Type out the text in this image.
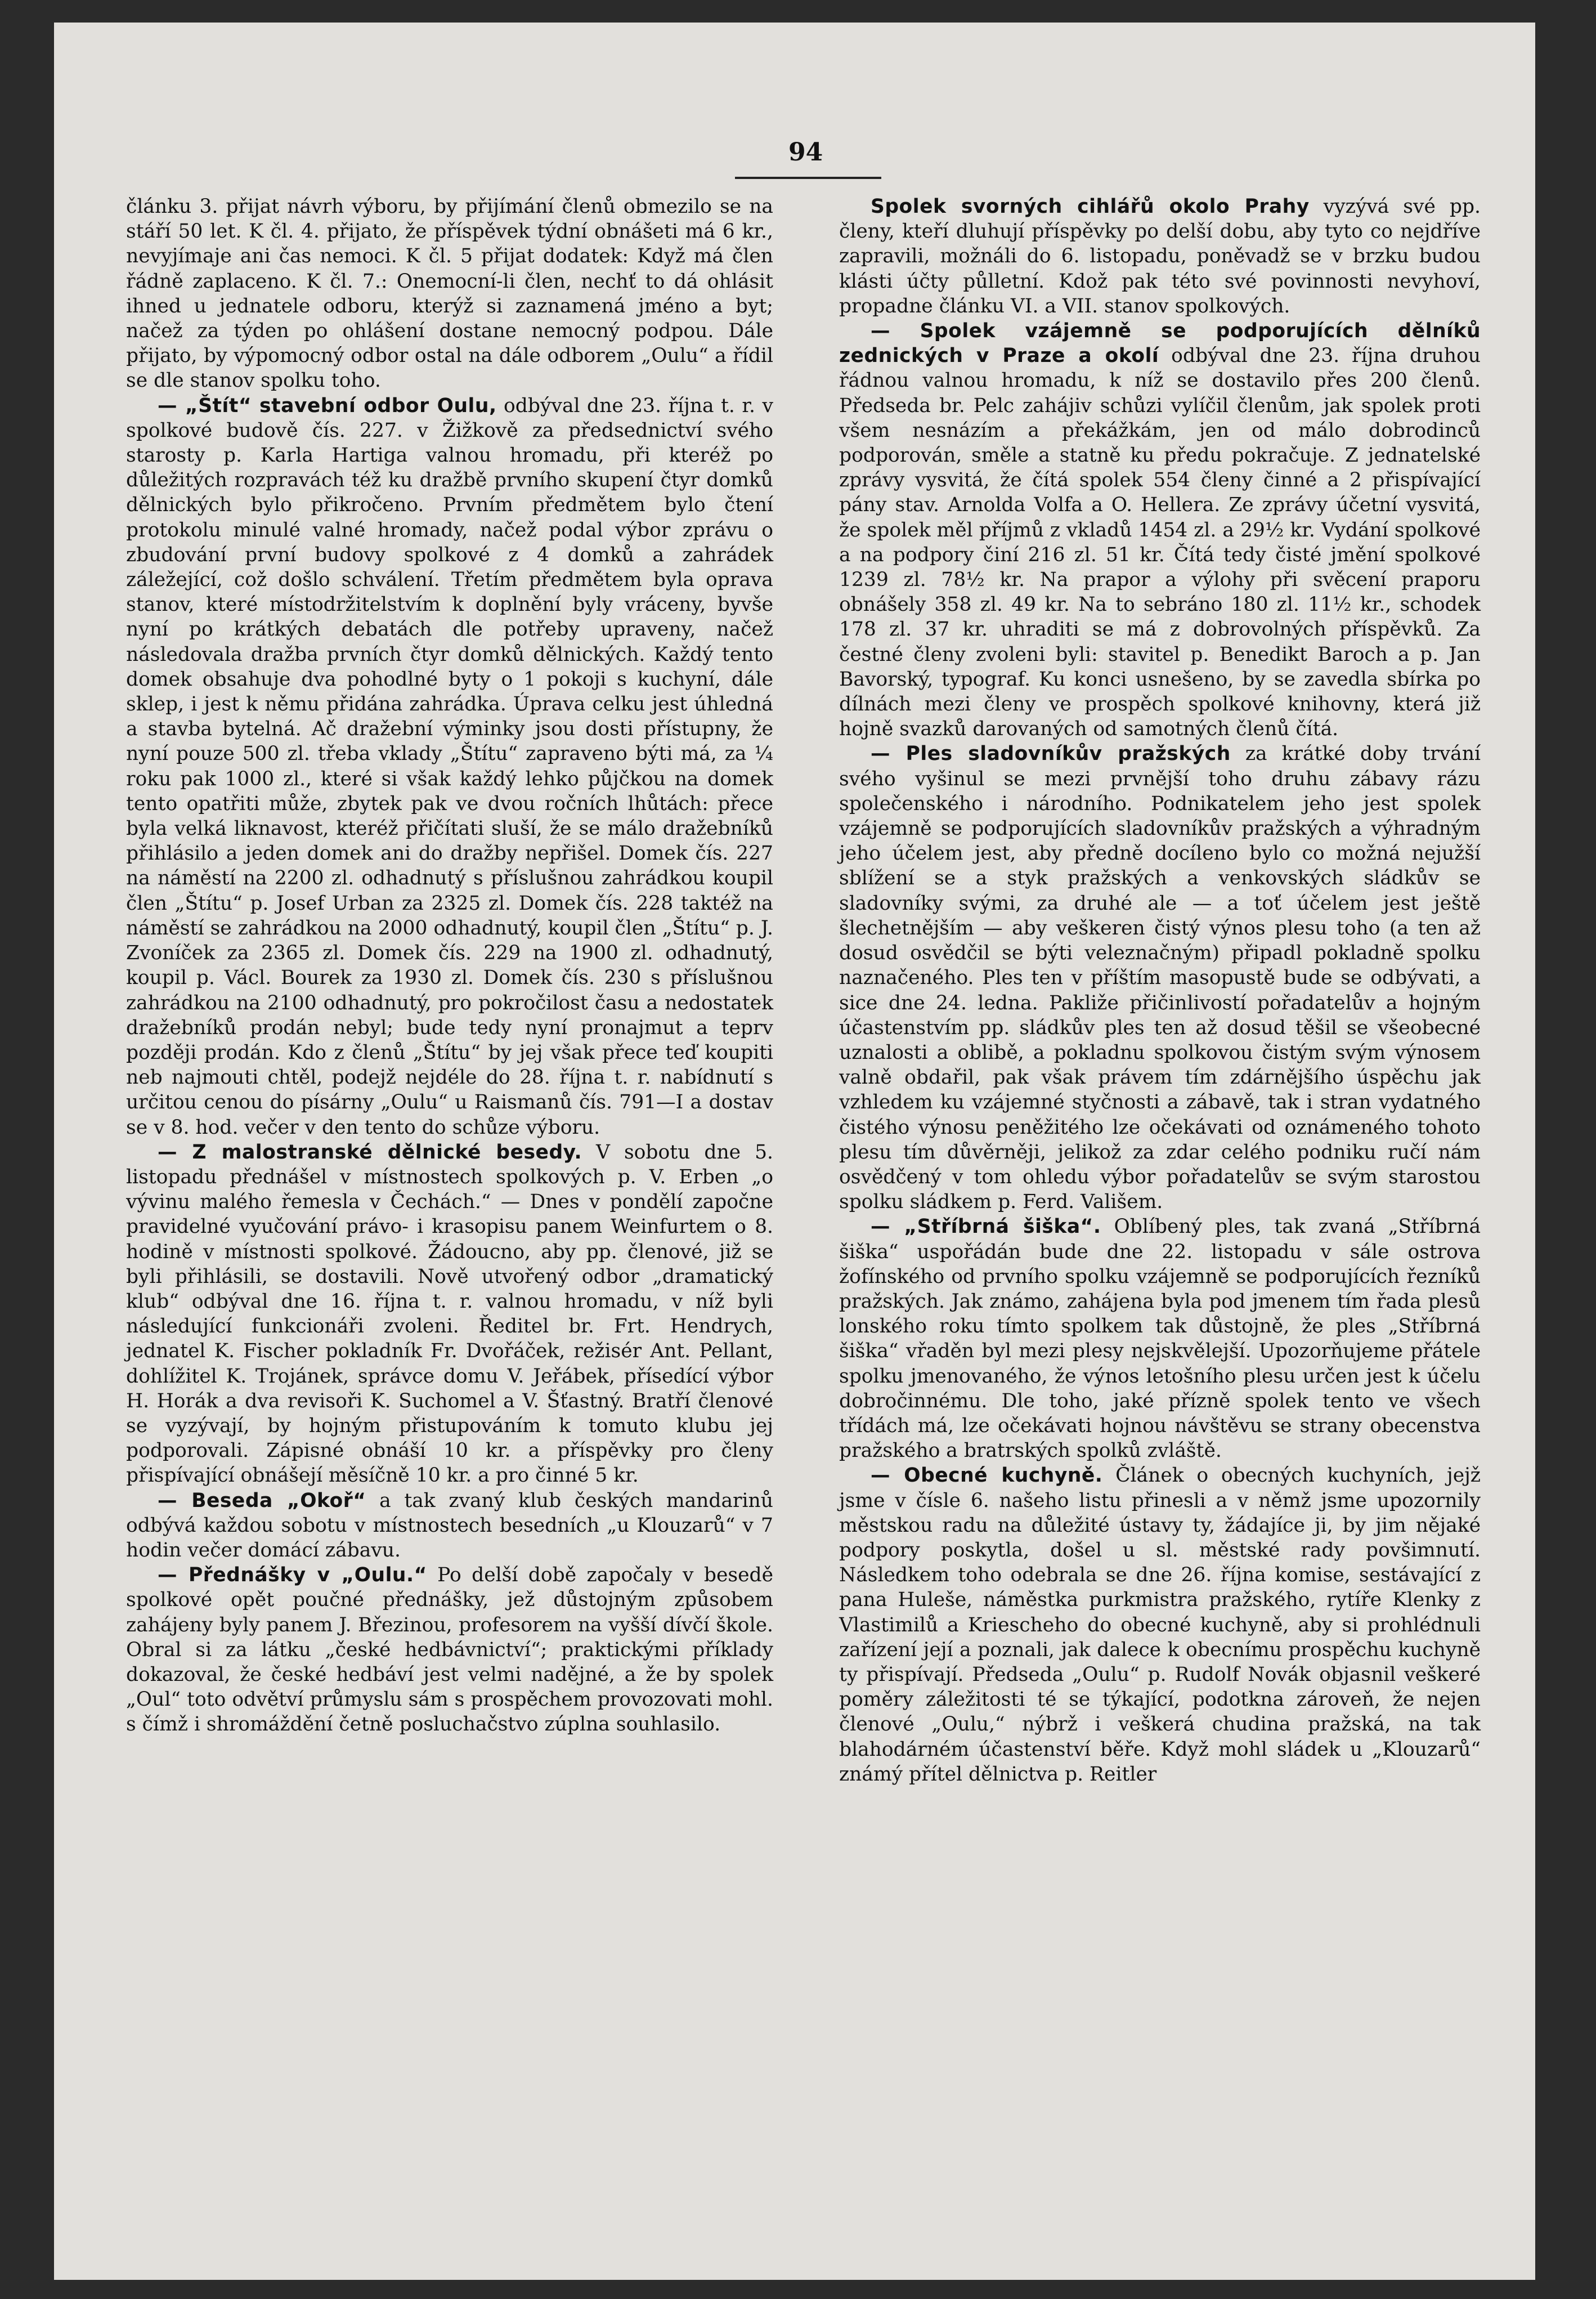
94

článku 3. přijat návrh výboru, by přijímání členů obmezilo se na stáří 50 let. K čl. 4. přijato, že příspěvek týdní obnášeti má 6 kr., nevyjímaje ani čas nemoci. K čl. 5 přijat dodatek: Když má člen řádně zaplaceno. K čl. 7.: Onemocní-li člen, nechť to dá ohlásit ihned u jednatele odboru, kterýž si zaznamená jméno a byt; načež za týden po ohlášení dostane nemocný podpou. Dále přijato, by výpomocný odbor ostal na dále odborem „Oulu“ a řídil se dle stanov spolku toho.

— „Štít“ stavební odbor Oulu, odbýval dne 23. října t. r. v spolkové budově čís. 227. v Žižkově za předsednictví svého starosty p. Karla Hartiga valnou hromadu, při kteréž po důležitých rozpravách též ku dražbě prvního skupení čtyr domků dělnických bylo přikročeno. Prvním předmětem bylo čtení protokolu minulé valné hromady, načež podal výbor zprávu o zbudování první budovy spolkové z 4 domků a zahrádek záležející, což došlo schválení. Třetím předmětem byla oprava stanov, které místodržitelstvím k doplnění byly vráceny, byvše nyní po krátkých debatách dle potřeby upraveny, načež následovala dražba prvních čtyr domků dělnických. Každý tento domek obsahuje dva pohodlné byty o 1 pokoji s kuchyní, dále sklep, i jest k němu přidána zahrádka. Úprava celku jest úhledná a stavba bytelná. Ač dražební výminky jsou dosti přístupny, že nyní pouze 500 zl. třeba vklady „Štítu“ zapraveno býti má, za ¼ roku pak 1000 zl., které si však každý lehko půjčkou na domek tento opatřiti může, zbytek pak ve dvou ročních lhůtách: přece byla velká liknavost, kteréž přičítati sluší, že se málo dražebníků přihlásilo a jeden domek ani do dražby nepřišel. Domek čís. 227 na náměstí na 2200 zl. odhadnutý s příslušnou zahrádkou koupil člen „Štítu“ p. Josef Urban za 2325 zl. Domek čís. 228 taktéž na náměstí se zahrádkou na 2000 odhadnutý, koupil člen „Štítu“ p. J. Zvoníček za 2365 zl. Domek čís. 229 na 1900 zl. odhadnutý, koupil p. Václ. Bourek za 1930 zl. Domek čís. 230 s příslušnou zahrádkou na 2100 odhadnutý, pro pokročilost času a nedostatek dražebníků prodán nebyl; bude tedy nyní pronajmut a teprv později prodán. Kdo z členů „Štítu“ by jej však přece teď koupiti neb najmouti chtěl, podejž nejdéle do 28. října t. r. nabídnutí s určitou cenou do písárny „Oulu“ u Raismanů čís. 791—I a dostav se v 8. hod. večer v den tento do schůze výboru.

— Z malostranské dělnické besedy. V sobotu dne 5. listopadu přednášel v místnostech spolkových p. V. Erben „o vývinu malého řemesla v Čechách.“ — Dnes v pondělí započne pravidelné vyučování právo- i krasopisu panem Weinfurtem o 8. hodině v místnosti spolkové. Žádoucno, aby pp. členové, již se byli přihlásili, se dostavili. Nově utvořený odbor „dramatický klub“ odbýval dne 16. října t. r. valnou hromadu, v níž byli následující funkcionáři zvoleni. Ředitel br. Frt. Hendrych, jednatel K. Fischer pokladník Fr. Dvořáček, režisér Ant. Pellant, dohlížitel K. Trojánek, správce domu V. Jeřábek, přísedící výbor H. Horák a dva revisoři K. Suchomel a V. Šťastný. Bratří členové se vyzývají, by hojným přistupováním k tomuto klubu jej podporovali. Zápisné obnáší 10 kr. a příspěvky pro členy přispívající obnášejí měsíčně 10 kr. a pro činné 5 kr.

— Beseda „Okoř“ a tak zvaný klub českých mandarinů odbývá každou sobotu v místnostech besedních „u Klouzarů“ v 7 hodin večer domácí zábavu.

— Přednášky v „Oulu.“ Po delší době započaly v besedě spolkové opět poučné přednášky, jež důstojným způsobem zahájeny byly panem J. Březinou, profesorem na vyšší dívčí škole. Obral si za látku „české hedbávnictví“; praktickými příklady dokazoval, že české hedbáví jest velmi nadějné, a že by spolek „Oul“ toto odvětví průmyslu sám s prospěchem provozovati mohl. s čímž i shromáždění četně posluchačstvo zúplna souhlasilo.

Spolek svorných cihlářů okolo Prahy vyzývá své pp. členy, kteří dluhují příspěvky po delší dobu, aby tyto co nejdříve zapravili, možnáli do 6. listopadu, poněvadž se v brzku budou klásti účty půlletní. Kdož pak této své povinnosti nevyhoví, propadne článku VI. a VII. stanov spolkových.

— Spolek vzájemně se podporujících dělníků zednických v Praze a okolí odbýval dne 23. října druhou řádnou valnou hromadu, k níž se dostavilo přes 200 členů. Předseda br. Pelc zahájiv schůzi vylíčil členům, jak spolek proti všem nesnázím a překážkám, jen od málo dobrodinců podporován, směle a statně ku předu pokračuje. Z jednatelské zprávy vysvitá, že čítá spolek 554 členy činné a 2 přispívající pány stav. Arnolda Volfa a O. Hellera. Ze zprávy účetní vysvitá, že spolek měl příjmů z vkladů 1454 zl. a 29½ kr. Vydání spolkové a na podpory činí 216 zl. 51 kr. Čítá tedy čisté jmění spolkové 1239 zl. 78½ kr. Na prapor a výlohy při svěcení praporu obnášely 358 zl. 49 kr. Na to sebráno 180 zl. 11½ kr., schodek 178 zl. 37 kr. uhraditi se má z dobrovolných příspěvků. Za čestné členy zvoleni byli: stavitel p. Benedikt Baroch a p. Jan Bavorský, typograf. Ku konci usnešeno, by se zavedla sbírka po dílnách mezi členy ve prospěch spolkové knihovny, která již hojně svazků darovaných od samotných členů čítá.

— Ples sladovníkův pražských za krátké doby trvání svého vyšinul se mezi prvnější toho druhu zábavy rázu společenského i národního. Podnikatelem jeho jest spolek vzájemně se podporujících sladovníkův pražských a výhradným jeho účelem jest, aby předně docíleno bylo co možná nejužší sblížení se a styk pražských a venkovských sládkův se sladovníky svými, za druhé ale — a toť účelem jest ještě šlechetnějším — aby veškeren čistý výnos plesu toho (a ten až dosud osvědčil se býti veleznačným) připadl pokladně spolku naznačeného. Ples ten v příštím masopustě bude se odbývati, a sice dne 24. ledna. Pakliže přičinlivostí pořadatelův a hojným účastenstvím pp. sládkův ples ten až dosud těšil se všeobecné uznalosti a oblibě, a pokladnu spolkovou čistým svým výnosem valně obdařil, pak však právem tím zdárnějšího úspěchu jak vzhledem ku vzájemné styčnosti a zábavě, tak i stran vydatného čistého výnosu peněžitého lze očekávati od oznámeného tohoto plesu tím důvěrněji, jelikož za zdar celého podniku ručí nám osvědčený v tom ohledu výbor pořadatelův se svým starostou spolku sládkem p. Ferd. Vališem.

— „Stříbrná šiška“. Oblíbený ples, tak zvaná „Stříbrná šiška“ uspořádán bude dne 22. listopadu v sále ostrova žofínského od prvního spolku vzájemně se podporujících řezníků pražských. Jak známo, zahájena byla pod jmenem tím řada plesů lonského roku tímto spolkem tak důstojně, že ples „Stříbrná šiška“ vřaděn byl mezi plesy nejskvělejší. Upozorňujeme přátele spolku jmenovaného, že výnos letošního plesu určen jest k účelu dobročinnému. Dle toho, jaké přízně spolek tento ve všech třídách má, lze očekávati hojnou návštěvu se strany obecenstva pražského a bratrských spolků zvláště.

— Obecné kuchyně. Článek o obecných kuchyních, jejž jsme v čísle 6. našeho listu přinesli a v němž jsme upozornily městskou radu na důležité ústavy ty, žádajíce ji, by jim nějaké podpory poskytla, došel u sl. městské rady povšimnutí. Následkem toho odebrala se dne 26. října komise, sestávající z pana Huleše, náměstka purkmistra pražského, rytíře Klenky z Vlastimilů a Kriescheho do obecné kuchyně, aby si prohlédnuli zařízení její a poznali, jak dalece k obecnímu prospěchu kuchyně ty přispívají. Předseda „Oulu“ p. Rudolf Novák objasnil veškeré poměry záležitosti té se týkající, podotkna zároveň, že nejen členové „Oulu,“ nýbrž i veškerá chudina pražská, na tak blahodárném účastenství běře. Když mohl sládek u „Klouzarů“ známý přítel dělnictva p. Reitler
